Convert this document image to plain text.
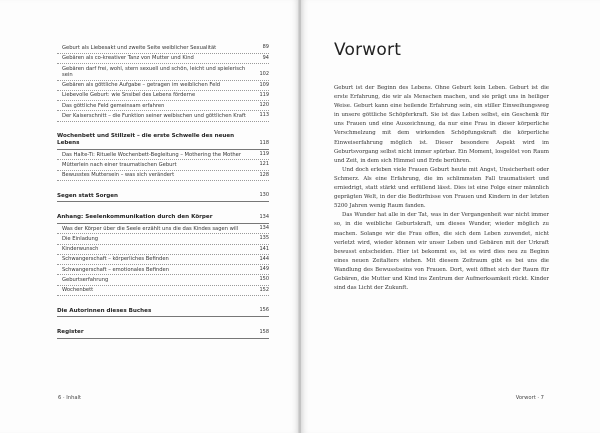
Geburt als Liebesakt und zweite Seite weiblicher Sexualität	89
Gebären als co-kreativer Tanz von Mutter und Kind	94
Gebären darf frei, wohl, stern sexuell und schön, leicht und spielerisch sein	102
Gebären als göttliche Aufgabe – getragen im weiblichen Feld	109
Liebevolle Geburt: wie Snsibel des Lebens förderne	119
Das göttliche Feld gemeinsam erfahren	120
Der Kaiserschnitt – die Funktion seiner weibischen und göttlichen Kraft	113
Wochenbett und Stillzeit – die erste Schwelle des neuen Lebens	118
Das Halte-Ti: Rituelle Wochenbett-Begleitung – Mothering the Mother	119
Mütterlein nach einer traumatischen Geburt	121
Bewusstes Muttersein – was sich verändert	128
Segen statt Sorgen	130
Anhang: Seelenkommunikation durch den Körper	134
Was der Körper über die Seele erzählt uns die das Kindes sagen will	134
Die Einladung	135
Kinderwunsch	141
Schwangerschaft – körperliches Befinden	144
Schwangerschaft – emotionales Befinden	149
Geburtserfahrung	150
Wochenbett	152
Die Autorinnen dieses Buches	156
Register	158
6 · Inhalt	Vorwort · 7
Vorwort

Geburt ist der Beginn des Lebens. Ohne Geburt kein Leben. Geburt ist die erste Erfahrung, die wir als Menschen machen, und sie prägt uns in heiliger Weise. Geburt kann eine heilende Erfahrung sein, ein stiller Einweihungsweg in unsere göttliche Schöpferkraft. Sie ist das Leben selbst, ein Geschenk für uns Frauen und eine Auszeichnung, da nur eine Frau in dieser körperliche Verschmelzung mit dem wirkenden Schöpfungskraft die körperliche Einweiserfahrung möglich ist. Dieser besondere Aspekt wird im Geburtsvorgang selbst nicht immer spürbar. Ein Moment, losgelöst von Raum und Zeit, in dem sich Himmel und Erde berühren.

Und doch erleben viele Frauen Geburt heute mit Angst, Unsicherheit oder Schmerz. Als eine Erfahrung, die im schlimmsten Fall traumatisiert und erniedrigt, statt stärkt und erfüllend lässt. Dies ist eine Folge einer männlich geprägten Welt, in der die Bedürfnisse von Frauen und Kindern in der letzten 5200 Jahren wenig Raum fanden.

Das Wunder hat alle in der Tat, was in der Vergangenheit war nicht immer so, in die weibliche Geburtskraft, um dieses Wunder, wieder möglich zu machen. Solange wir die Frau offen, die sich dem Leben zuwendet, nicht verletzt wird, wieder können wir unser Leben und Gebären mit der Urkraft bewusst entscheiden. Hier ist bekommt es, ist es wird dies neu zu Beginn eines neuen Zeitalters stehen. Mit diesem Zeitraum gibt es bei uns die Wandlung des Bewusstseins von Frauen. Dort, weit öffnet sich der Raum für Gebären, die Mutter und Kind ins Zentrum der Aufmerksamkeit rückt. Kinder sind das Licht der Zukunft.
